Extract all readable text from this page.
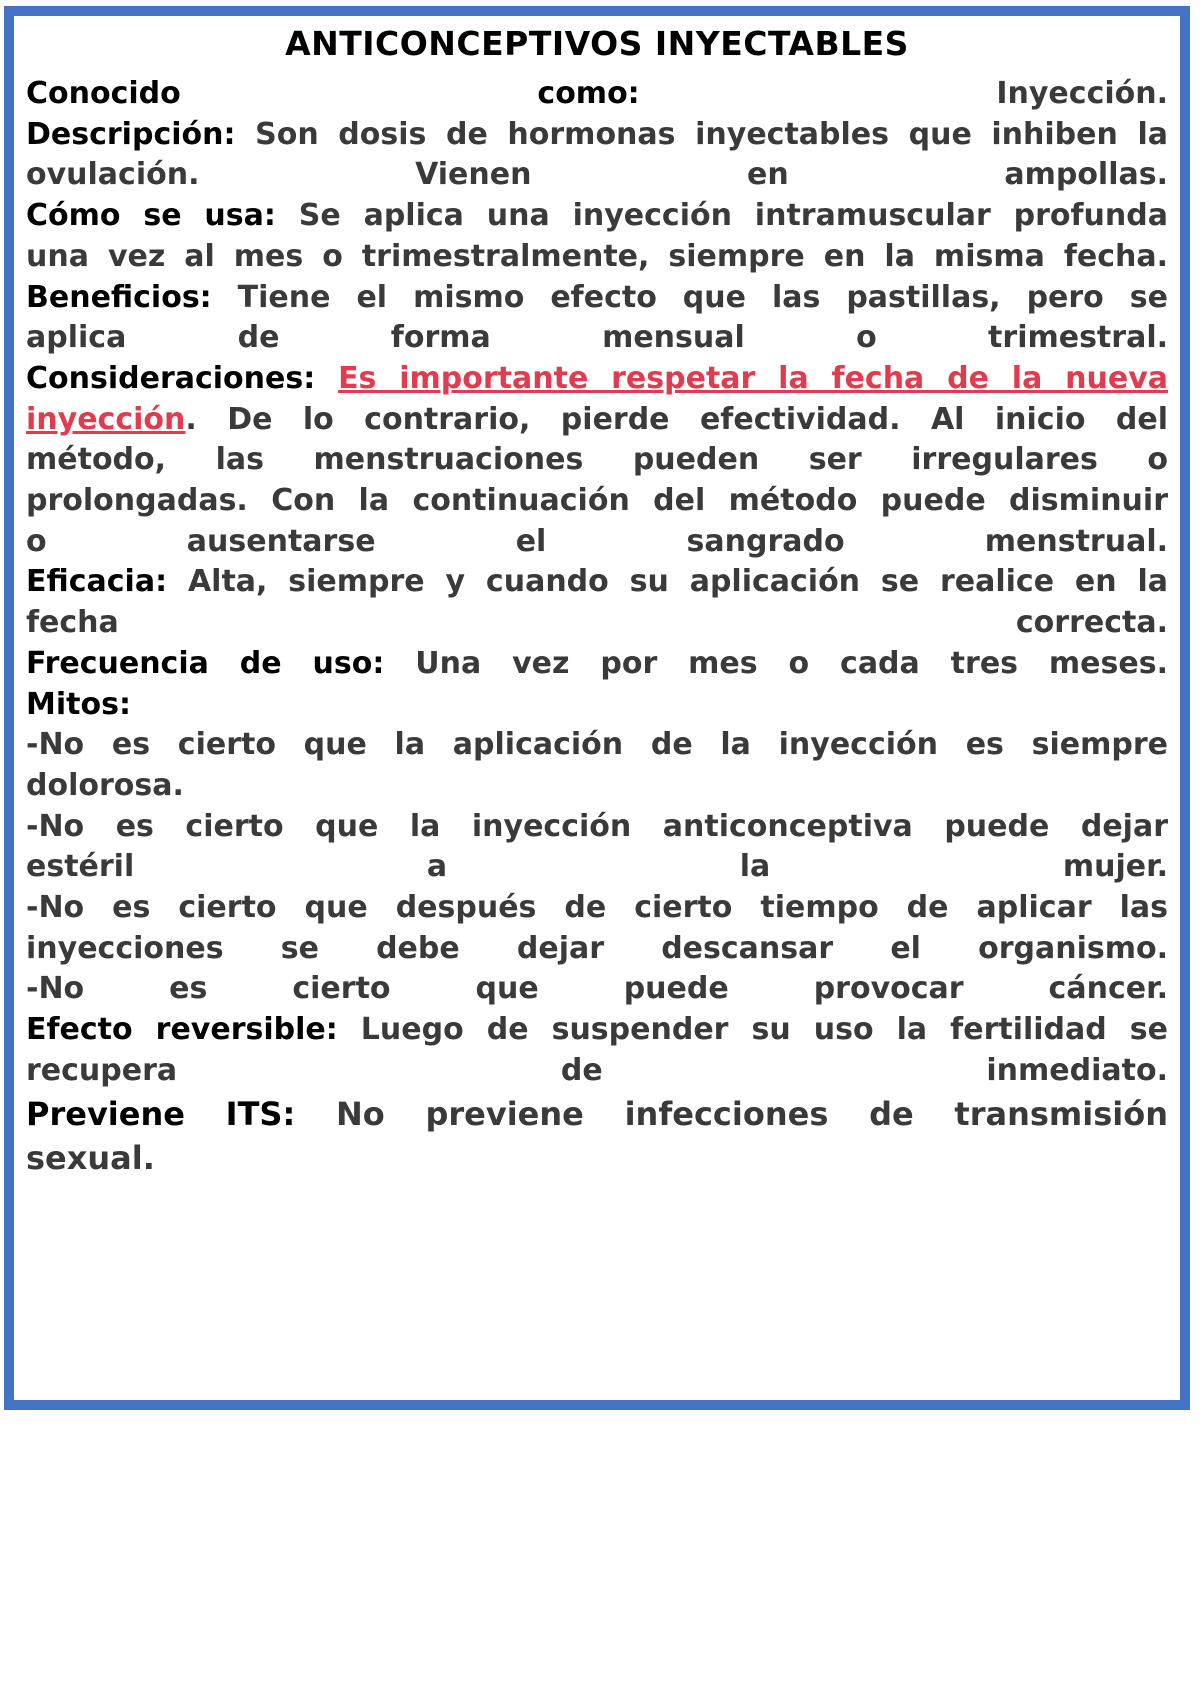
ANTICONCEPTIVOS INYECTABLES
Conocido como:	Inyección.
Descripción: Son dosis de hormonas inyectables que inhiben la
ovulación. Vienen en ampollas.
Cómo se usa: Se aplica una inyección intramuscular profunda
una vez al mes o trimestralmente, siempre en la misma fecha.
Beneficios: Tiene el mismo efecto que las pastillas, pero se
aplica de forma mensual o trimestral.
Consideraciones: Es importante respetar la fecha de la nueva
inyección. De lo contrario, pierde efectividad. Al inicio del
método, las menstruaciones pueden ser irregulares o
prolongadas. Con la continuación del método puede disminuir
o ausentarse el sangrado menstrual.
Eficacia: Alta, siempre y cuando su aplicación se realice en la
fecha correcta.
Frecuencia de uso: Una vez por mes o cada tres meses.
Mitos:
-No es cierto que la aplicación de la inyección es siempre
dolorosa.
-No es cierto que la inyección anticonceptiva puede dejar
estéril a la mujer.
-No es cierto que después de cierto tiempo de aplicar las
inyecciones se debe dejar descansar el organismo.
-No es cierto que puede provocar cáncer.
Efecto reversible: Luego de suspender su uso la fertilidad se
recupera de inmediato.
Previene ITS: No previene infecciones de transmisión
sexual.
